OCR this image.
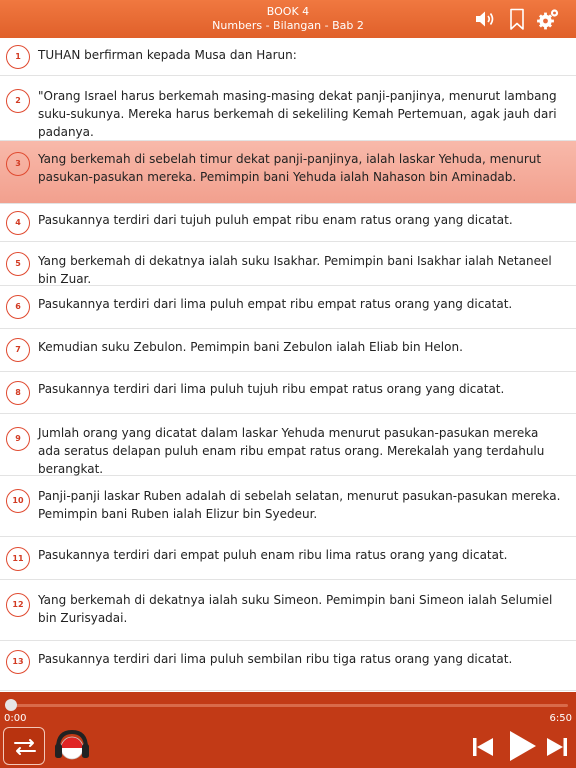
BOOK 4
Numbers - Bilangan - Bab 2
1	TUHAN berfirman kepada Musa dan Harun:
2	"Orang Israel harus berkemah masing-masing dekat panji-panjinya, menurut lambang suku-sukunya. Mereka harus berkemah di sekeliling Kemah Pertemuan, agak jauh dari padanya.
3	Yang berkemah di sebelah timur dekat panji-panjinya, ialah laskar Yehuda, menurut pasukan-pasukan mereka. Pemimpin bani Yehuda ialah Nahason bin Aminadab.
4	Pasukannya terdiri dari tujuh puluh empat ribu enam ratus orang yang dicatat.
5	Yang berkemah di dekatnya ialah suku Isakhar. Pemimpin bani Isakhar ialah Netaneel bin Zuar.
6	Pasukannya terdiri dari lima puluh empat ribu empat ratus orang yang dicatat.
7	Kemudian suku Zebulon. Pemimpin bani Zebulon ialah Eliab bin Helon.
8	Pasukannya terdiri dari lima puluh tujuh ribu empat ratus orang yang dicatat.
9	Jumlah orang yang dicatat dalam laskar Yehuda menurut pasukan-pasukan mereka ada seratus delapan puluh enam ribu empat ratus orang. Merekalah yang terdahulu berangkat.
10	Panji-panji laskar Ruben adalah di sebelah selatan, menurut pasukan-pasukan mereka. Pemimpin bani Ruben ialah Elizur bin Syedeur.
11	Pasukannya terdiri dari empat puluh enam ribu lima ratus orang yang dicatat.
12	Yang berkemah di dekatnya ialah suku Simeon. Pemimpin bani Simeon ialah Selumiel bin Zurisyadai.
13	Pasukannya terdiri dari lima puluh sembilan ribu tiga ratus orang yang dicatat.
0:00	6:50
